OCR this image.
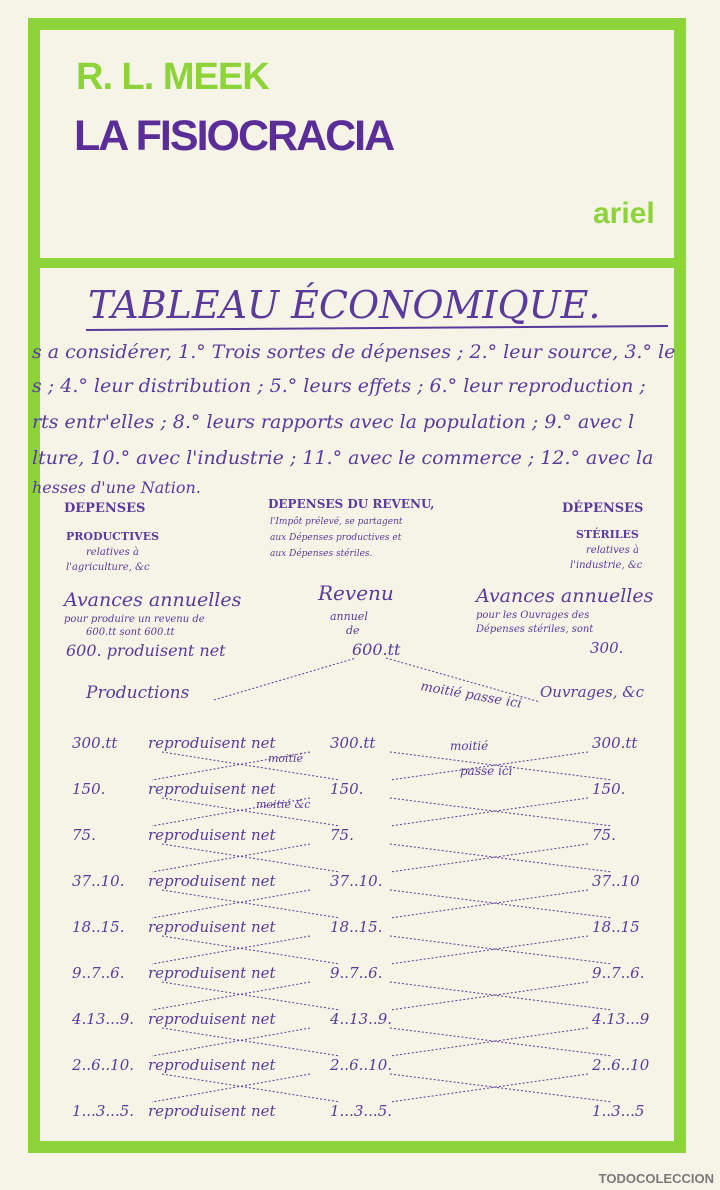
R. L. MEEK
LA FISIOCRACIA
ariel
TABLEAU ÉCONOMIQUE.
s a considérer, 1.° Trois sortes de dépenses ; 2.° leur source, 3.° le
s ; 4.° leur distribution ; 5.° leurs effets ; 6.° leur reproduction ;
rts entr'elles ; 8.° leurs rapports avec la population ; 9.° avec l
lture, 10.° avec l'industrie ; 11.° avec le commerce ; 12.° avec la
hesses d'une Nation.
DEPENSES
PRODUCTIVES
relatives à
l'agriculture, &c
DEPENSES DU REVENU,
l'Impôt prélevé, se partagent
aux Dépenses productives et
aux Dépenses stériles.
DÉPENSES
STÉRILES
relatives à
l'industrie, &c
Avances annuelles
pour produire un revenu de
600.tt sont 600.tt
600. produisent net
Revenu
annuel
de
600.tt
Avances annuelles
pour les Ouvrages des
Dépenses stériles, sont
300.
Productions	moitié passe ici Ouvrages, &c
moitié
moitié
passe ici
moitié &c
300.tt reproduisent net	300.tt	300.tt
150.	reproduisent net	150.	150.
75.	reproduisent net	75.	75.
37..10. reproduisent net	37..10.	37..10
18..15. reproduisent net	18..15.	18..15
9..7..6. reproduisent net	9..7..6.	9..7..6.
4.13...9. reproduisent net	4..13..9.	4.13...9
2..6..10. reproduisent net	2..6..10.	2..6..10
1...3...5. reproduisent net	1...3...5.	1..3...5
TODOCOLECCION
